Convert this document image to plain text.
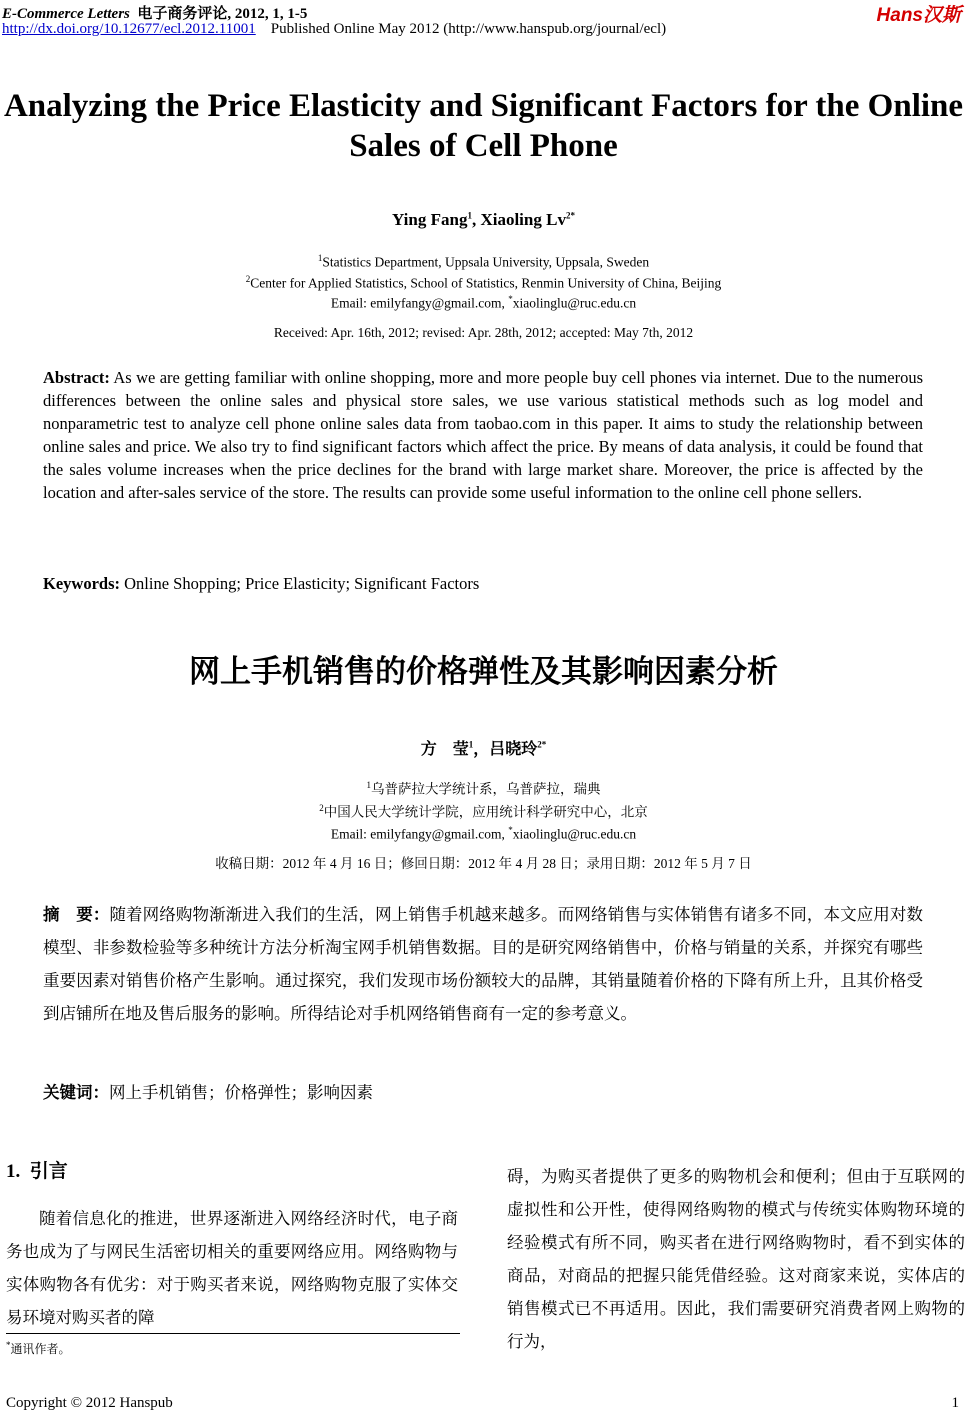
E-Commerce Letters 电子商务评论, 2012, 1, 1-5
http://dx.doi.org/10.12677/ecl.2012.11001 Published Online May 2012 (http://www.hanspub.org/journal/ecl)
Hans汉斯
Analyzing the Price Elasticity and Significant Factors for the Online Sales of Cell Phone
Ying Fang$^1$, Xiaoling $Lv^{2*}$
$^1$Statistics Department, Uppsala University, Uppsala, Sweden
$^2$Center for Applied Statistics, School of Statistics, Renmin University of China, Beijing
Email: emilyfangy@gmail.com, *xiaolinglu@ruc.edu.cn
Received: Apr. 16th, 2012; revised: Apr. 28th, 2012; accepted: May 7th, 2012
Abstract: As we are getting familiar with online shopping, more and more people buy cell phones via internet. Due to the numerous differences between the online sales and physical store sales, we use various statistical methods such as log model and nonparametric test to analyze cell phone online sales data from taobao.com in this paper. It aims to study the relationship between online sales and price. We also try to find significant factors which affect the price. By means of data analysis, it could be found that the sales volume increases when the price declines for the brand with large market share. Moreover, the price is affected by the location and after-sales service of the store. The results can provide some useful information to the online cell phone sellers.
Keywords: Online Shopping; Price Elasticity; Significant Factors
网上手机销售的价格弹性及其影响因素分析
方　莹$^1$，吕晓玲$^{2*}$
$^1$乌普萨拉大学统计系，乌普萨拉，瑞典
$^2$中国人民大学统计学院，应用统计科学研究中心，北京
Email: emilyfangy@gmail.com, *xiaolinglu@ruc.edu.cn
收稿日期：2012 年 4 月 16 日；修回日期：2012 年 4 月 28 日；录用日期：2012 年 5 月 7 日
摘　要：随着网络购物渐渐进入我们的生活，网上销售手机越来越多。而网络销售与实体销售有诸多不同，本文应用对数模型、非参数检验等多种统计方法分析淘宝网手机销售数据。目的是研究网络销售中，价格与销量的关系，并探究有哪些重要因素对销售价格产生影响。通过探究，我们发现市场份额较大的品牌，其销量随着价格的下降有所上升，且其价格受到店铺所在地及售后服务的影响。所得结论对手机网络销售商有一定的参考意义。
关键词：网上手机销售；价格弹性；影响因素
1. 引言
随着信息化的推进，世界逐渐进入网络经济时代，电子商务也成为了与网民生活密切相关的重要网络应用。网络购物与实体购物各有优劣：对于购买者来说，网络购物克服了实体交易环境对购买者的障
碍，为购买者提供了更多的购物机会和便利；但由于互联网的虚拟性和公开性，使得网络购物的模式与传统实体购物环境的经验模式有所不同，购买者在进行网络购物时，看不到实体的商品，对商品的把握只能凭借经验。这对商家来说，实体店的销售模式已不再适用。因此，我们需要研究消费者网上购物的行为，
*通讯作者。
Copyright © 2012 Hanspub	1
